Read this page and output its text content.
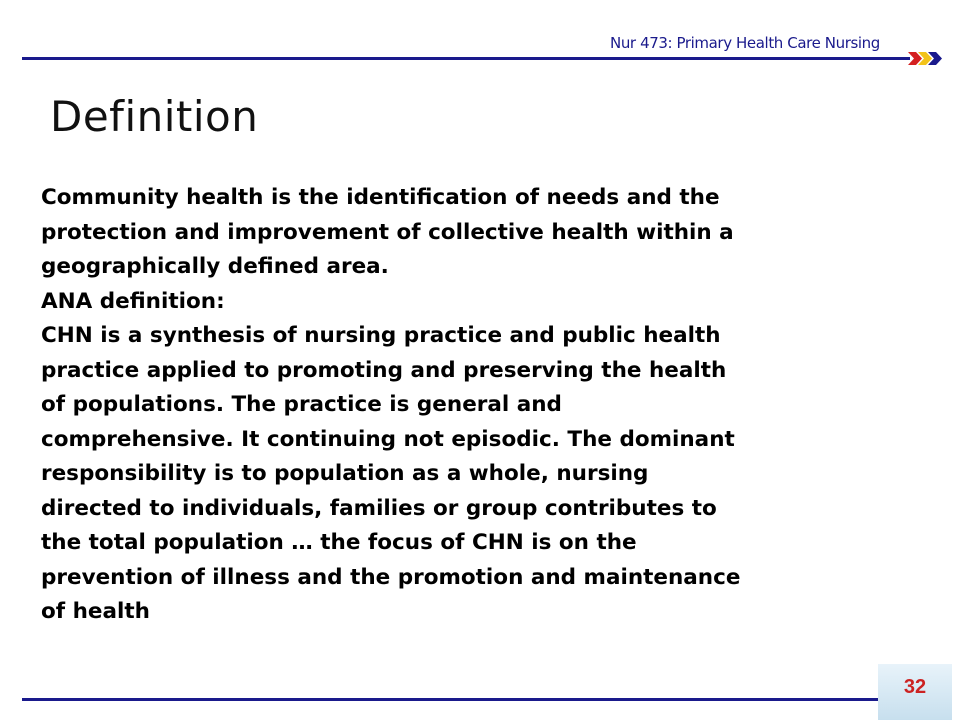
Nur 473: Primary Health Care Nursing
Definition
Community health is the identification of needs and the
protection and improvement of collective health within a
geographically defined area.
ANA definition:
CHN is a synthesis of nursing practice and public health
practice applied to promoting and preserving the health
of populations. The practice is general and
comprehensive. It continuing not episodic. The dominant
responsibility is to population as a whole, nursing
directed to individuals, families or group contributes to
the total population … the focus of CHN is on the
prevention of illness and the promotion and maintenance
of health
32
